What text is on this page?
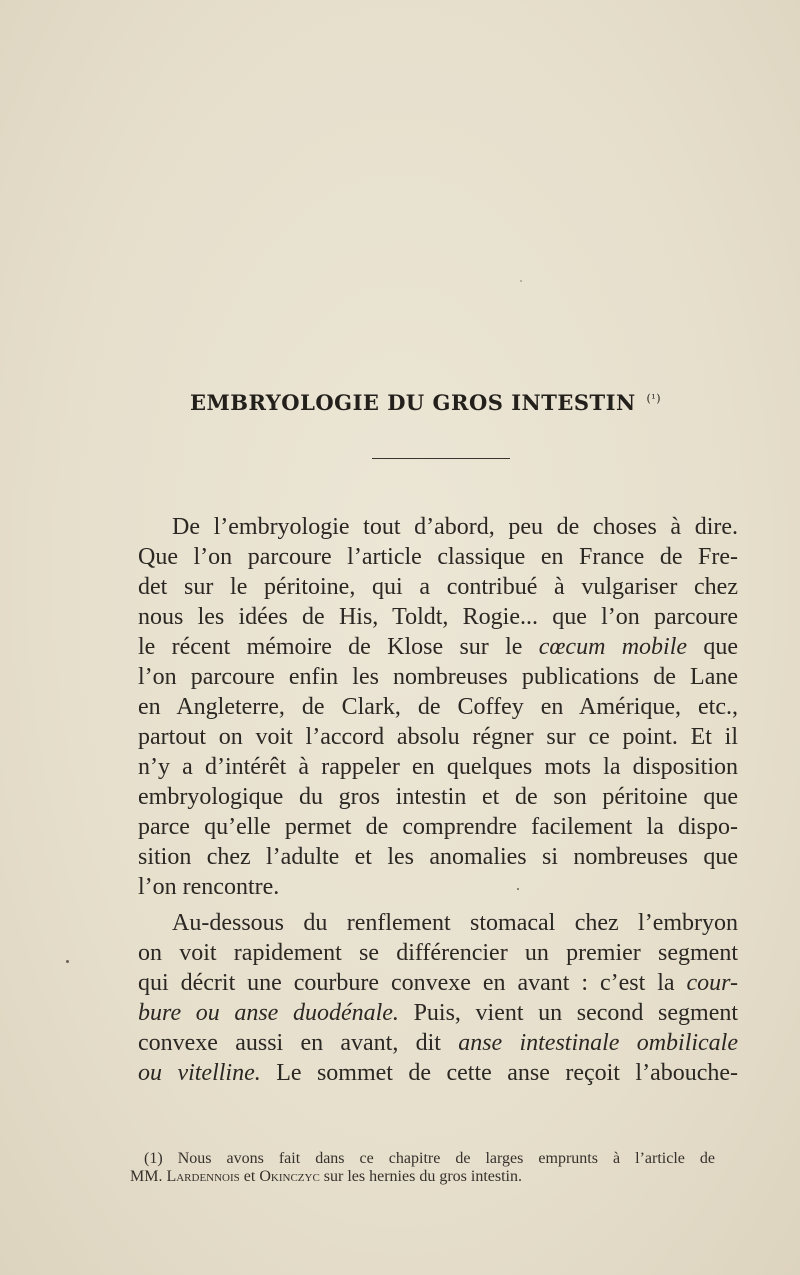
EMBRYOLOGIE DU GROS INTESTIN $^{(^1)}$
De l’embryologie tout d’abord, peu de choses à dire.
Que l’on parcoure l’article classique en France de Fre-
det sur le péritoine, qui a contribué à vulgariser chez
nous les idées de His, Toldt, Rogie... que l’on parcoure
le récent mémoire de Klose sur le cœcum mobile que
l’on parcoure enfin les nombreuses publications de Lane
en Angleterre, de Clark, de Coffey en Amérique, etc.,
partout on voit l’accord absolu régner sur ce point. Et il
n’y a d’intérêt à rappeler en quelques mots la disposition
embryologique du gros intestin et de son péritoine que
parce qu’elle permet de comprendre facilement la dispo-
sition chez l’adulte et les anomalies si nombreuses que
l’on rencontre.
Au-dessous du renflement stomacal chez l’embryon
on voit rapidement se différencier un premier segment
qui décrit une courbure convexe en avant : c’est la cour-
bure ou anse duodénale. Puis, vient un second segment
convexe aussi en avant, dit anse intestinale ombilicale
ou vitelline. Le sommet de cette anse reçoit l’abouche-
(1) Nous avons fait dans ce chapitre de larges emprunts à l’article de
MM. Lardennois et Okinczyc sur les hernies du gros intestin.
